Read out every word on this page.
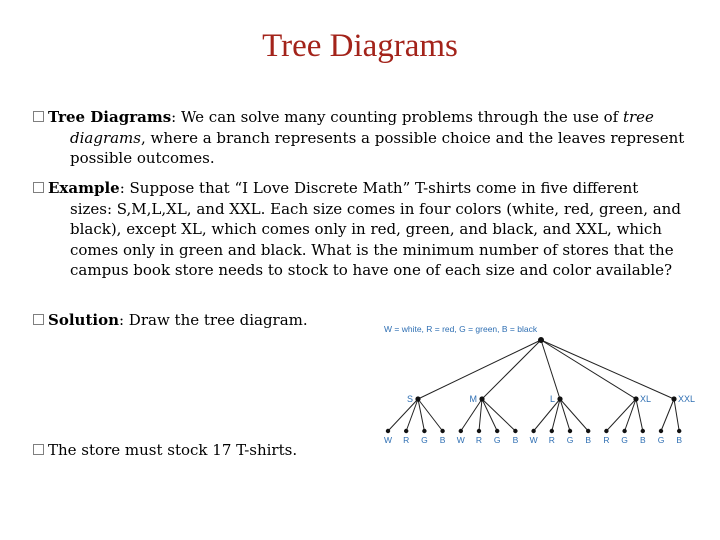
Tree Diagrams
Tree Diagrams: We can solve many counting problems through the use of tree diagrams, where a branch represents a possible choice and the leaves represent possible outcomes.
Example: Suppose that “I Love Discrete Math” T-shirts come in five different sizes: S,M,L,XL, and XXL. Each size comes in four colors (white, red, green, and black), except XL, which comes only in red, green, and black, and XXL, which comes only in green and black. What is the minimum number of stores that the campus book store needs to stock to have one of each size and color available?
Solution: Draw the tree diagram.
The store must stock 17 T-shirts.
W = white, R = red, G = green, B = black
W R G B W R G B W R G B R G B G B
S	M	L	XL	XXL
